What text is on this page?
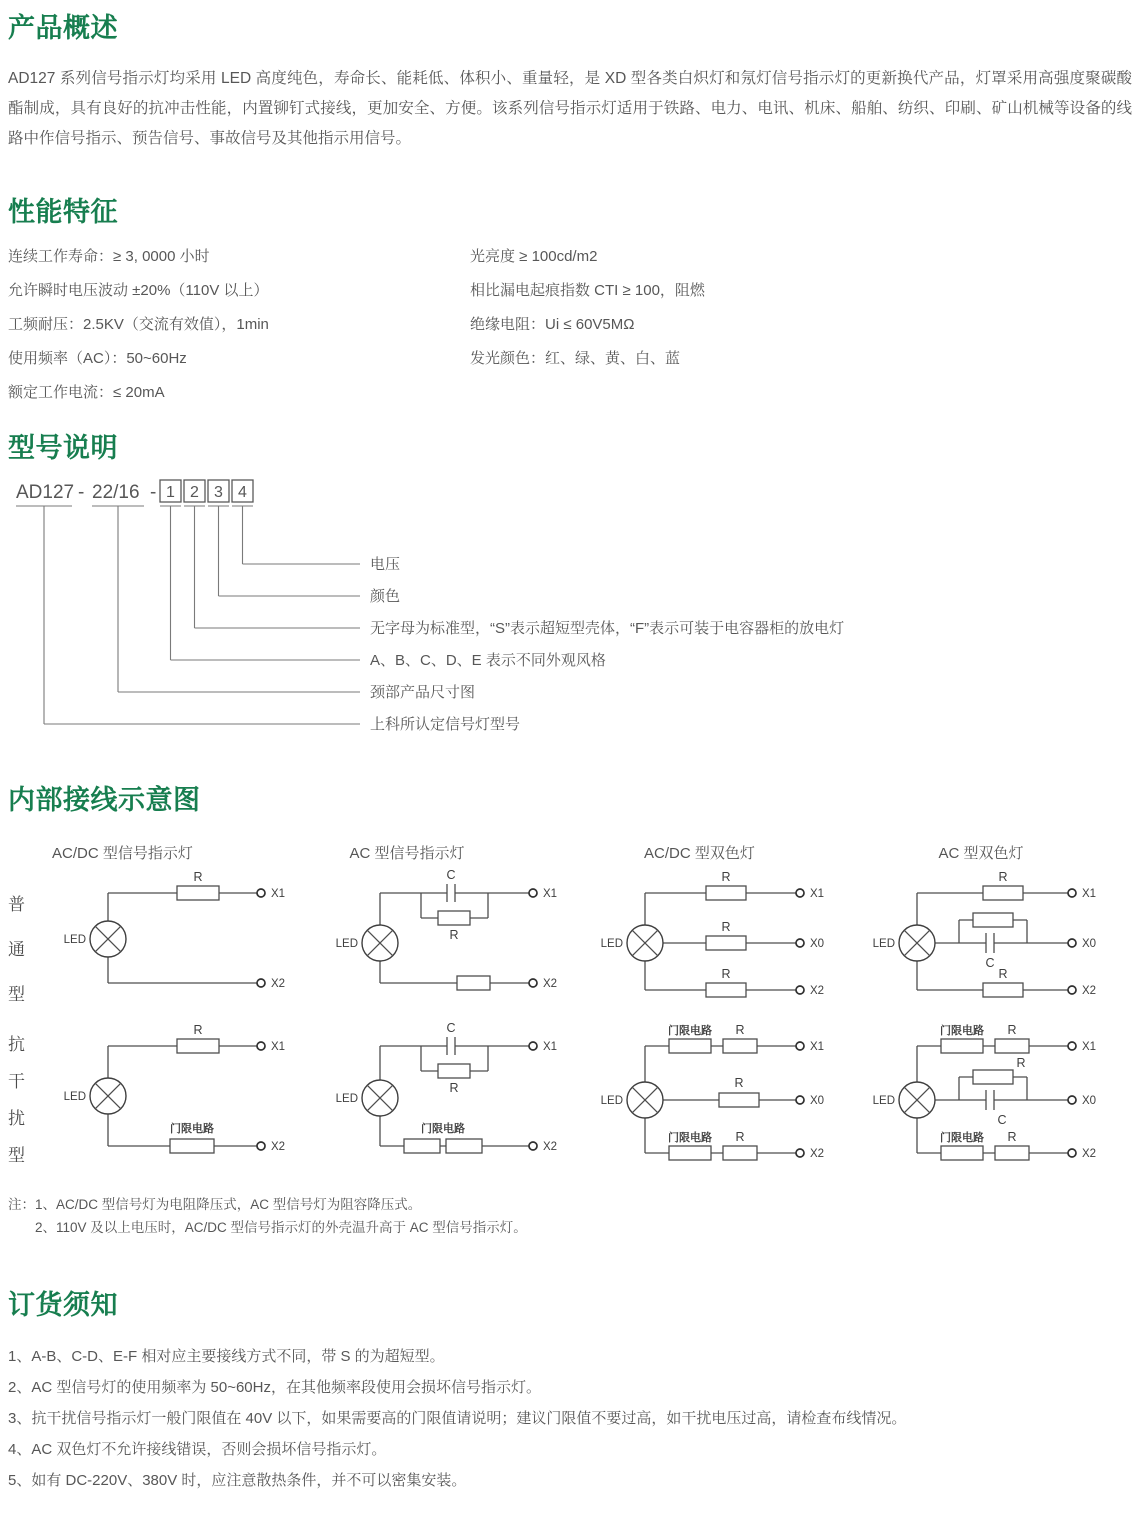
产品概述

AD127 系列信号指示灯均采用 LED 高度纯色，寿命长、能耗低、体积小、重量轻，是 XD 型各类白炽灯和氖灯信号指示灯的更新换代产品，灯罩采用高强度聚碳酸酯制成，具有良好的抗冲击性能，内置铆钉式接线，更加安全、方便。该系列信号指示灯适用于铁路、电力、电讯、机床、船舶、纺织、印刷、矿山机械等设备的线路中作信号指示、预告信号、事故信号及其他指示用信号。

性能特征
连续工作寿命：≥ 3, 0000 小时
允许瞬时电压波动 ±20%（110V 以上）
工频耐压：2.5KV（交流有效值），1min
使用频率（AC）：50~60Hz
额定工作电流：≤ 20mA
光亮度 ≥ 100cd/m2
相比漏电起痕指数 CTI ≥ 100，阻燃
绝缘电阻：Ui ≤ 60V5MΩ
发光颜色：红、绿、黄、白、蓝
型号说明
AD127 - 22/16 - 1 2 3 4
电压
颜色
无字母为标准型，“S”表示超短型壳体，“F”表示可装于电容器柜的放电灯
A、B、C、D、E 表示不同外观风格
颈部产品尺寸图
上科所认定信号灯型号
内部接线示意图
AC/DC 型信号指示灯	AC 型信号指示灯	AC/DC 型双色灯	AC 型双色灯
普通型
R
LED
X1
X2
C
R
LED
X1
X2
R
R
R
LED
X1
X0
X2
R
C
R
LED
X1
X0
X2
抗干扰型
R
门限电路
LED
X1
X2
C
R
门限电路
LED
X1
X2
门限电路 R
R
门限电路 R
LED
X1
X0
X2
门限电路 R
R
C
门限电路 R
LED
X1
X0
X2
注：1、AC/DC 型信号灯为电阻降压式，AC 型信号灯为阻容降压式。
2、110V 及以上电压时，AC/DC 型信号指示灯的外壳温升高于 AC 型信号指示灯。
订货须知
1、A-B、C-D、E-F 相对应主要接线方式不同，带 S 的为超短型。
2、AC 型信号灯的使用频率为 50~60Hz，在其他频率段使用会损坏信号指示灯。
3、抗干扰信号指示灯一般门限值在 40V 以下，如果需要高的门限值请说明；建议门限值不要过高，如干扰电压过高，请检查布线情况。
4、AC 双色灯不允许接线错误，否则会损坏信号指示灯。
5、如有 DC-220V、380V 时，应注意散热条件，并不可以密集安装。
